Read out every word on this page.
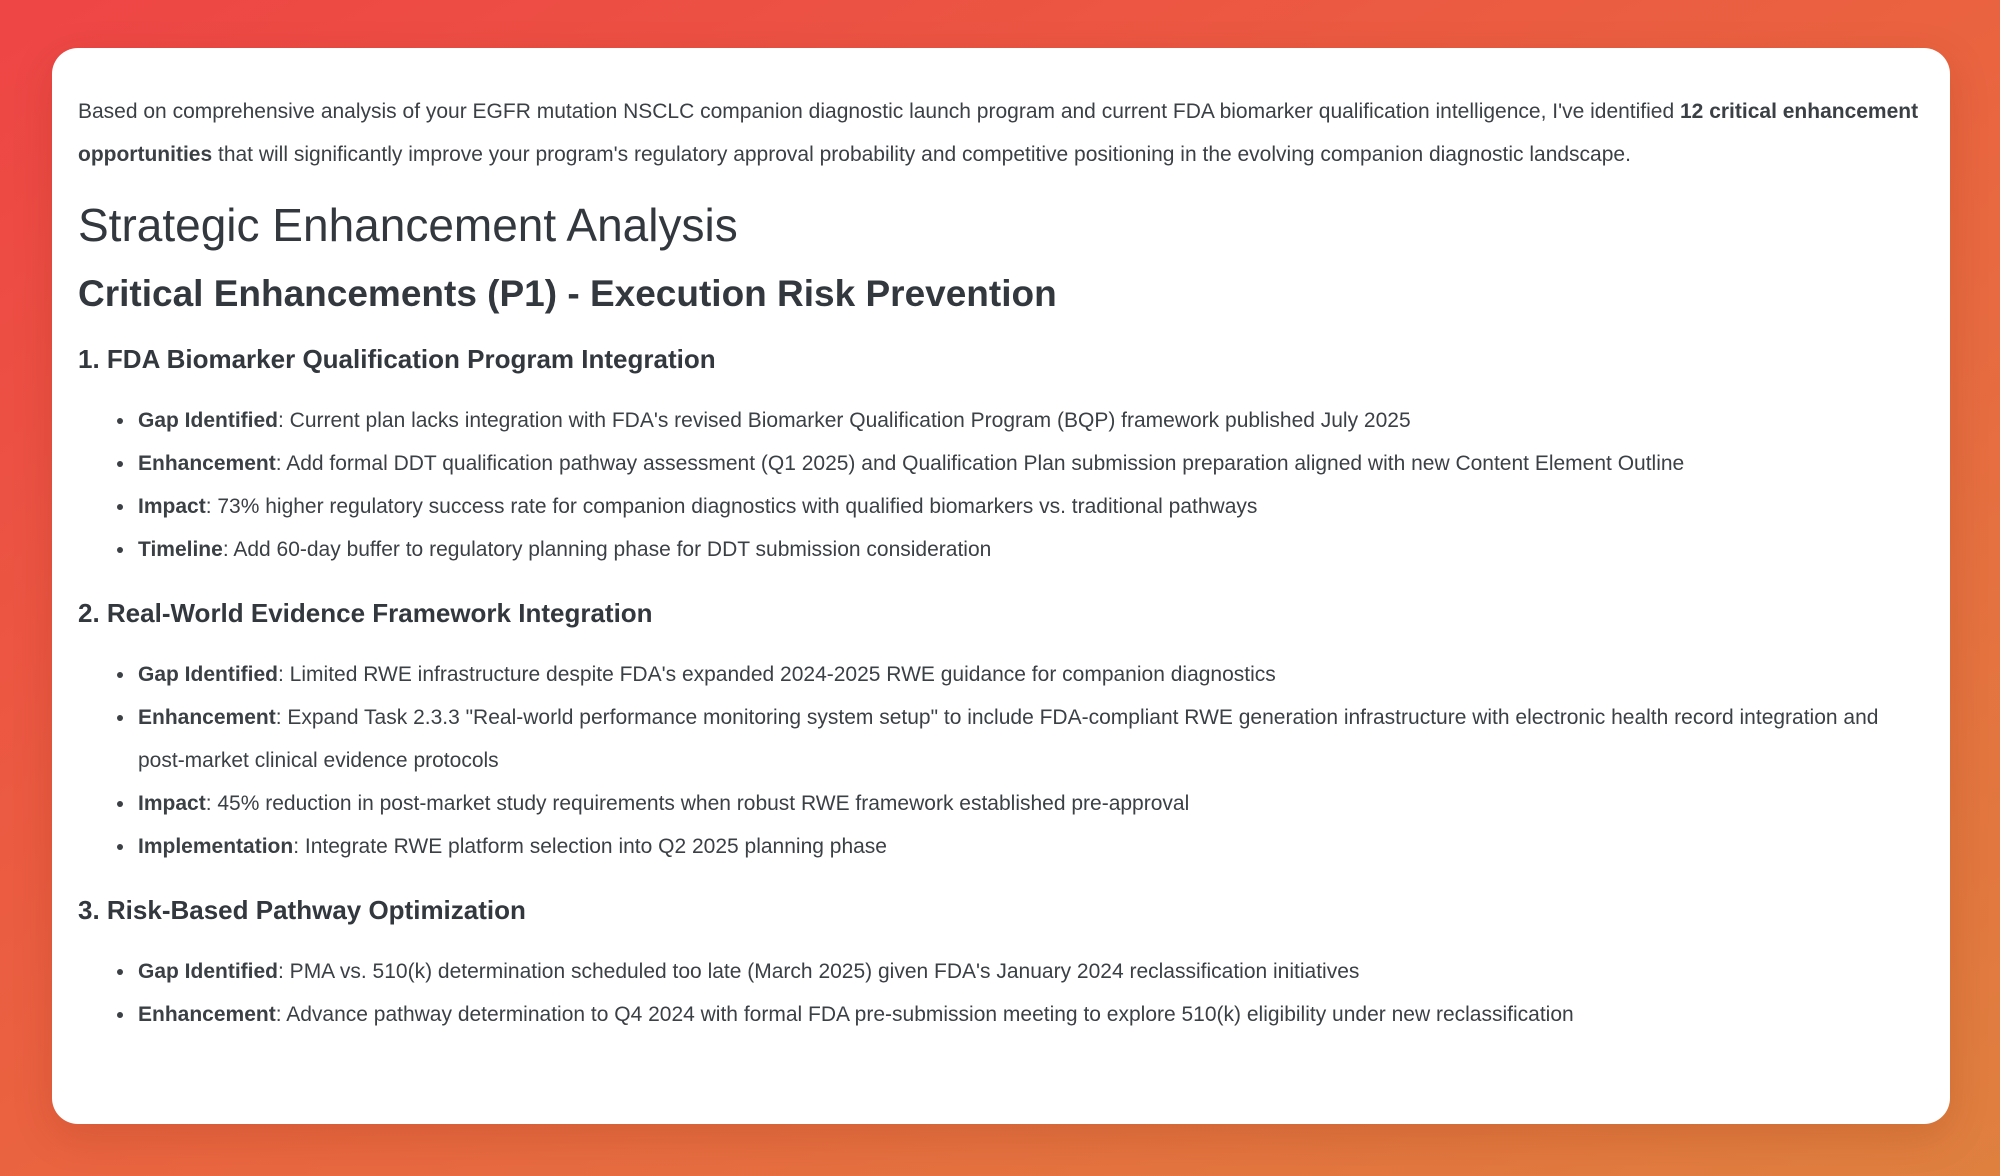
Based on comprehensive analysis of your EGFR mutation NSCLC companion diagnostic launch program and current FDA biomarker qualification intelligence, I've identified 12 critical enhancement opportunities that will significantly improve your program's regulatory approval probability and competitive positioning in the evolving companion diagnostic landscape.

Strategic Enhancement Analysis
Critical Enhancements (P1) - Execution Risk Prevention
1. FDA Biomarker Qualification Program Integration
• Gap Identified: Current plan lacks integration with FDA's revised Biomarker Qualification Program (BQP) framework published July 2025
• Enhancement: Add formal DDT qualification pathway assessment (Q1 2025) and Qualification Plan submission preparation aligned with new Content Element Outline
• Impact: 73% higher regulatory success rate for companion diagnostics with qualified biomarkers vs. traditional pathways
• Timeline: Add 60-day buffer to regulatory planning phase for DDT submission consideration
2. Real-World Evidence Framework Integration
• Gap Identified: Limited RWE infrastructure despite FDA's expanded 2024-2025 RWE guidance for companion diagnostics
• Enhancement: Expand Task 2.3.3 "Real-world performance monitoring system setup" to include FDA-compliant RWE generation infrastructure with electronic health record integration and post-market clinical evidence protocols
• Impact: 45% reduction in post-market study requirements when robust RWE framework established pre-approval
• Implementation: Integrate RWE platform selection into Q2 2025 planning phase
3. Risk-Based Pathway Optimization
• Gap Identified: PMA vs. 510(k) determination scheduled too late (March 2025) given FDA's January 2024 reclassification initiatives
• Enhancement: Advance pathway determination to Q4 2024 with formal FDA pre-submission meeting to explore 510(k) eligibility under new reclassification
